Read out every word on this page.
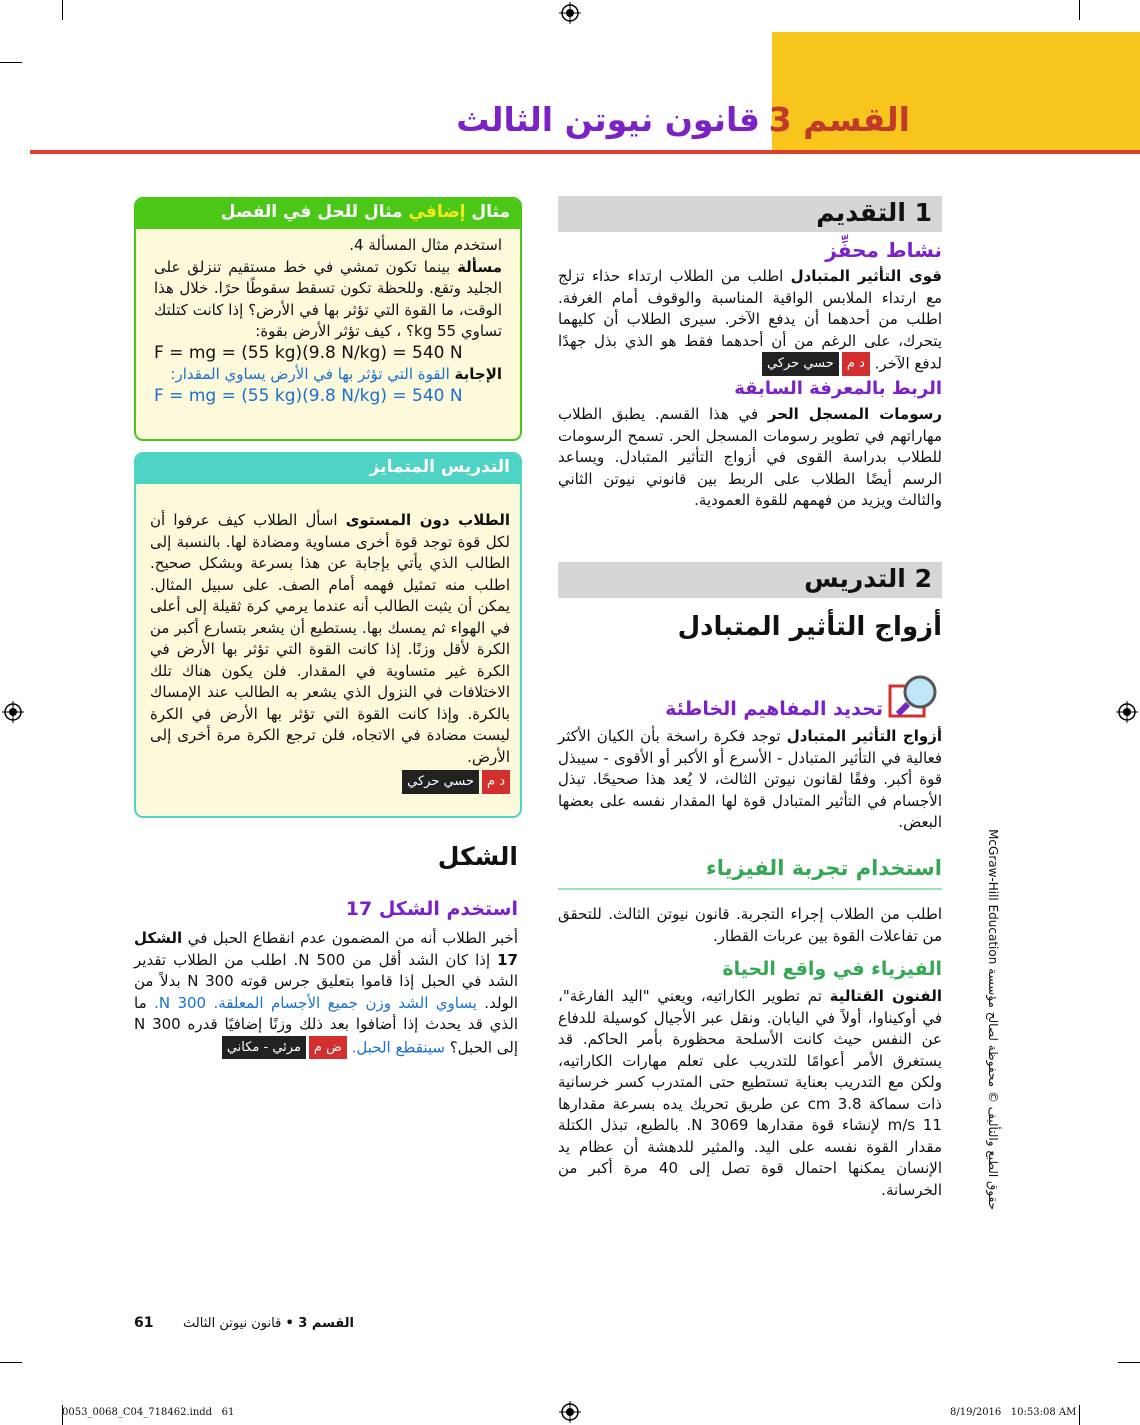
القسم 3
قانون نيوتن الثالث
1 التقديم
نشاط محفِّز
قوى التأثير المتبادل اطلب من الطلاب ارتداء حذاء تزلج مع ارتداء الملابس الواقية المناسبة والوقوف أمام الغرفة. اطلب من أحدهما أن يدفع الآخر. سيرى الطلاب أن كليهما يتحرك، على الرغم من أن أحدهما فقط هو الذي بذل جهدًا لدفع الآخر. د محسي حركي
الربط بالمعرفة السابقة
رسومات المسجل الحر في هذا القسم. يطبق الطلاب مهاراتهم في تطوير رسومات المسجل الحر. تسمح الرسومات للطلاب بدراسة القوى في أزواج التأثير المتبادل. ويساعد الرسم أيضًا الطلاب على الربط بين قانوني نيوتن الثاني والثالث ويزيد من فهمهم للقوة العمودية.
2 التدريس
أزواج التأثير المتبادل
تحديد المفاهيم الخاطئة
أزواج التأثير المتبادل توجد فكرة راسخة بأن الكيان الأكثر فعالية في التأثير المتبادل - الأسرع أو الأكبر أو الأقوى - سيبذل قوة أكبر. وفقًا لقانون نيوتن الثالث، لا يُعد هذا صحيحًا. تبذل الأجسام في التأثير المتبادل قوة لها المقدار نفسه على بعضها البعض.
استخدام تجربة الفيزياء
اطلب من الطلاب إجراء التجربة. قانون نيوتن الثالث. للتحقق من تفاعلات القوة بين عربات القطار.
الفيزياء في واقع الحياة
الفنون القتالية تم تطوير الكاراتيه، ويعني "اليد الفارغة"، في أوكيناوا، أولاً في اليابان. ونقل عبر الأجيال كوسيلة للدفاع عن النفس حيث كانت الأسلحة محظورة بأمر الحاكم. قد يستغرق الأمر أعوامًا للتدريب على تعلم مهارات الكاراتيه، ولكن مع التدريب بعناية تستطيع حتى المتدرب كسر خرسانية ذات سماكة 3.8 cm عن طريق تحريك يده بسرعة مقدارها 11 m/s لإنشاء قوة مقدارها 3069 N. بالطبع، تبذل الكتلة مقدار القوة نفسه على اليد. والمثير للدهشة أن عظام يد الإنسان يمكنها احتمال قوة تصل إلى 40 مرة أكبر من الخرسانة.
مثال إضافي مثال للحل في الفصل
استخدم مثال المسألة 4.
مسألة بينما تكون تمشي في خط مستقيم تنزلق على الجليد وتقع. وللحظة تكون تسقط سقوطًا حرًا. خلال هذا الوقت، ما القوة التي تؤثر بها في الأرض؟ إذا كانت كتلتك تساوي 55 kg؟ ، كيف تؤثر الأرض بقوة:
F = mg = (55 kg)(9.8 N/kg) = 540 N
الإجابة القوة التي تؤثر بها في الأرض يساوي المقدار:
F = mg = (55 kg)(9.8 N/kg) = 540 N
التدريس المتمايز
الطلاب دون المستوى اسأل الطلاب كيف عرفوا أن لكل قوة توجد قوة أخرى مساوية ومضادة لها. بالنسبة إلى الطالب الذي يأتي بإجابة عن هذا بسرعة وبشكل صحيح. اطلب منه تمثيل فهمه أمام الصف. على سبيل المثال. يمكن أن يثبت الطالب أنه عندما يرمي كرة ثقيلة إلى أعلى في الهواء ثم يمسك بها. يستطيع أن يشعر بتسارع أكبر من الكرة لأقل وزنًا. إذا كانت القوة التي تؤثر بها الأرض في الكرة غير متساوية في المقدار. فلن يكون هناك تلك الاختلافات في النزول الذي يشعر به الطالب عند الإمساك بالكرة. وإذا كانت القوة التي تؤثر بها الأرض في الكرة ليست مضادة في الاتجاه، فلن ترجع الكرة مرة أخرى إلى الأرض.
د محسي حركي
الشكل
استخدم الشكل 17
أخبر الطلاب أنه من المضمون عدم انقطاع الحبل في الشكل 17 إذا كان الشد أقل من 500 N. اطلب من الطلاب تقدير الشد في الحبل إذا قاموا بتعليق جرس قوته 300 N بدلاً من الولد. يساوي الشد وزن جميع الأجسام المعلقة. 300 N. ما الذي قد يحدث إذا أضافوا بعد ذلك وزنًا إضافيًا قدره 300 N إلى الحبل؟ سينقطع الحبل. ض ممرئي - مكاني
حقوق الطبع والتأليف © محفوظة لصالح مؤسسة McGraw-Hill Education
القسم 3 • قانون نيوتن الثالث
61
0053_0068_C04_718462.indd   61	8/19/2016   10:53:08 AM
